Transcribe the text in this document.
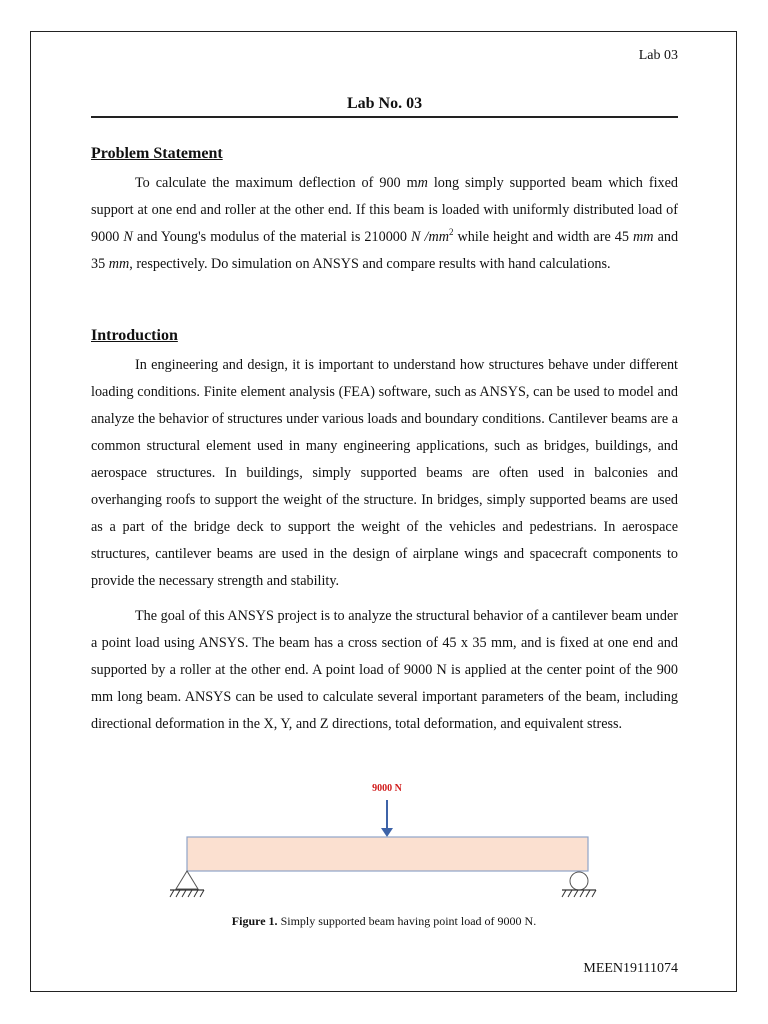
Lab 03
Lab No. 03
Problem Statement

To calculate the maximum deflection of 900 mm long simply supported beam which fixed support at one end and roller at the other end. If this beam is loaded with uniformly distributed load of 9000 N and Young's modulus of the material is 210000 N $/mm^2$ while height and width are 45 mm and 35 mm, respectively. Do simulation on ANSYS and compare results with hand calculations.

Introduction

In engineering and design, it is important to understand how structures behave under different loading conditions. Finite element analysis (FEA) software, such as ANSYS, can be used to model and analyze the behavior of structures under various loads and boundary conditions. Cantilever beams are a common structural element used in many engineering applications, such as bridges, buildings, and aerospace structures. In buildings, simply supported beams are often used in balconies and overhanging roofs to support the weight of the structure. In bridges, simply supported beams are used as a part of the bridge deck to support the weight of the vehicles and pedestrians. In aerospace structures, cantilever beams are used in the design of airplane wings and spacecraft components to provide the necessary strength and stability.

The goal of this ANSYS project is to analyze the structural behavior of a cantilever beam under a point load using ANSYS. The beam has a cross section of 45 x 35 mm, and is fixed at one end and supported by a roller at the other end. A point load of 9000 N is applied at the center point of the 900 mm long beam. ANSYS can be used to calculate several important parameters of the beam, including directional deformation in the X, Y, and Z directions, total deformation, and equivalent stress.

9000 N
Figure 1. Simply supported beam having point load of 9000 N.
MEEN19111074
